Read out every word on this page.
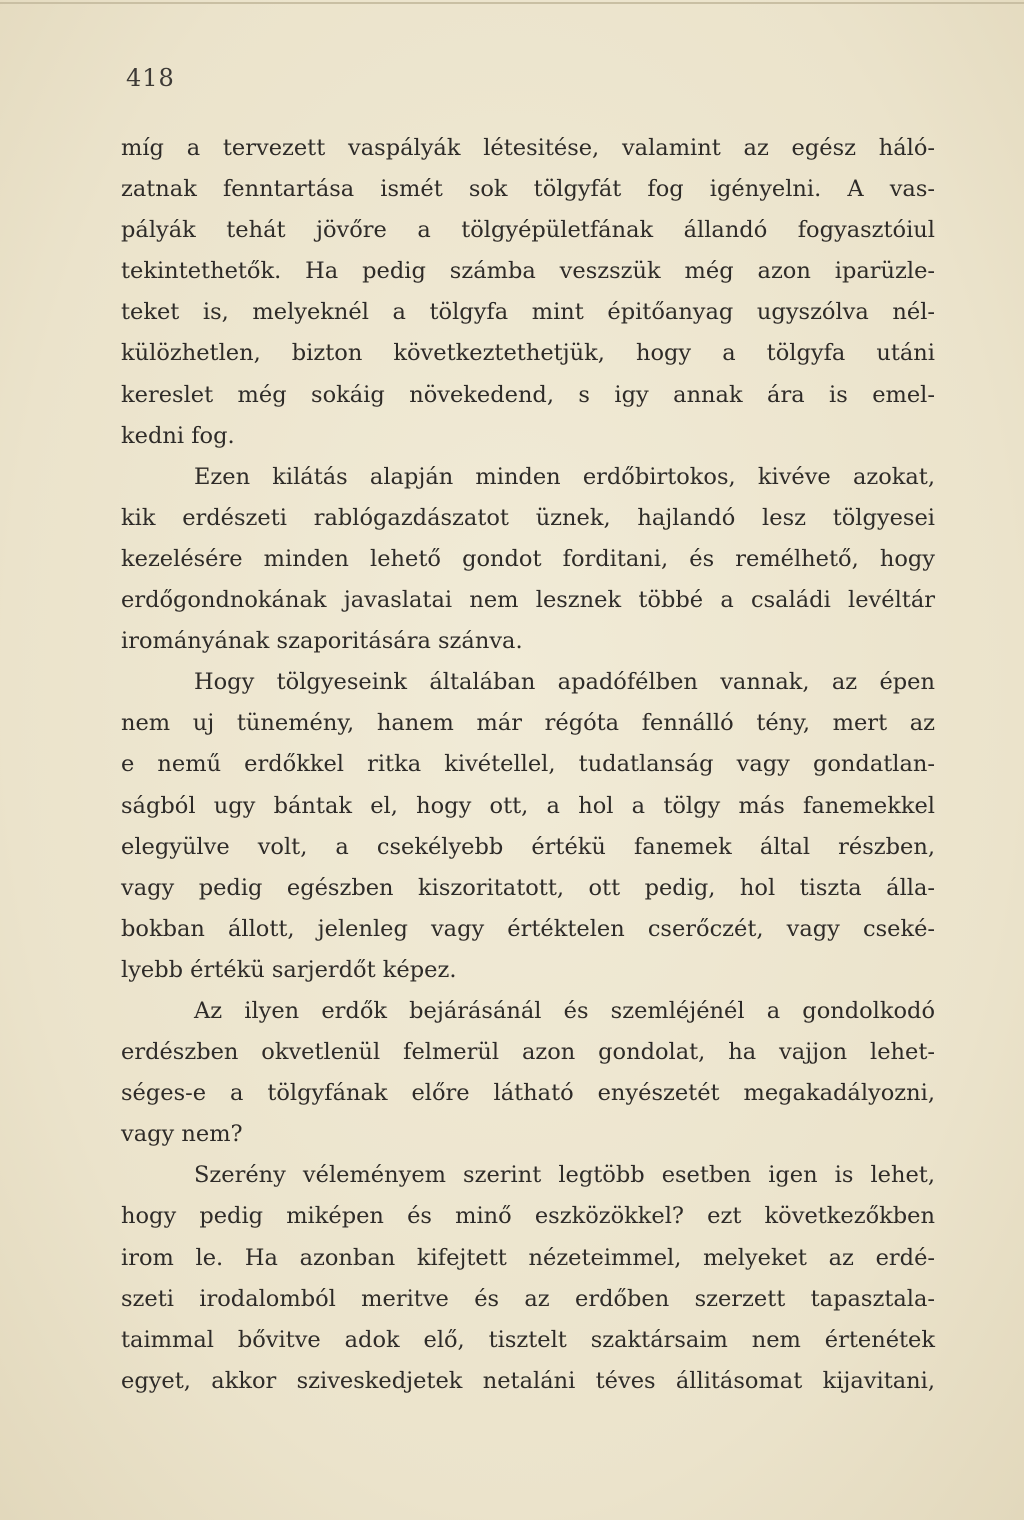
418

míg a tervezett vaspályák létesitése, valamint az egész háló-
zatnak fenntartása ismét sok tölgyfát fog igényelni. A vas-
pályák tehát jövőre a tölgyépületfának állandó fogyasztóiul
tekintethetők. Ha pedig számba veszszük még azon iparüzle-
teket is, melyeknél a tölgyfa mint épitőanyag ugyszólva nél-
külözhetlen, bizton következtethetjük, hogy a tölgyfa utáni
kereslet még sokáig növekedend, s igy annak ára is emel-
kedni fog.

Ezen kilátás alapján minden erdőbirtokos, kivéve azokat,
kik erdészeti rablógazdászatot üznek, hajlandó lesz tölgyesei
kezelésére minden lehető gondot forditani, és remélhető, hogy
erdőgondnokának javaslatai nem lesznek többé a családi levéltár
irományának szaporitására szánva.

Hogy tölgyeseink általában apadófélben vannak, az épen
nem uj tünemény, hanem már régóta fennálló tény, mert az
e nemű erdőkkel ritka kivétellel, tudatlanság vagy gondatlan-
ságból ugy bántak el, hogy ott, a hol a tölgy más fanemekkel
elegyülve volt, a csekélyebb értékü fanemek által részben,
vagy pedig egészben kiszoritatott, ott pedig, hol tiszta álla-
bokban állott, jelenleg vagy értéktelen cserőczét, vagy cseké-
lyebb értékü sarjerdőt képez.

Az ilyen erdők bejárásánál és szemléjénél a gondolkodó
erdészben okvetlenül felmerül azon gondolat, ha vajjon lehet-
séges-e a tölgyfának előre látható enyészetét megakadályozni,
vagy nem?

Szerény véleményem szerint legtöbb esetben igen is lehet,
hogy pedig miképen és minő eszközökkel? ezt következőkben
irom le. Ha azonban kifejtett nézeteimmel, melyeket az erdé-
szeti irodalomból meritve és az erdőben szerzett tapasztala-
taimmal bővitve adok elő, tisztelt szaktársaim nem értenétek
egyet, akkor sziveskedjetek netaláni téves állitásomat kijavitani,
